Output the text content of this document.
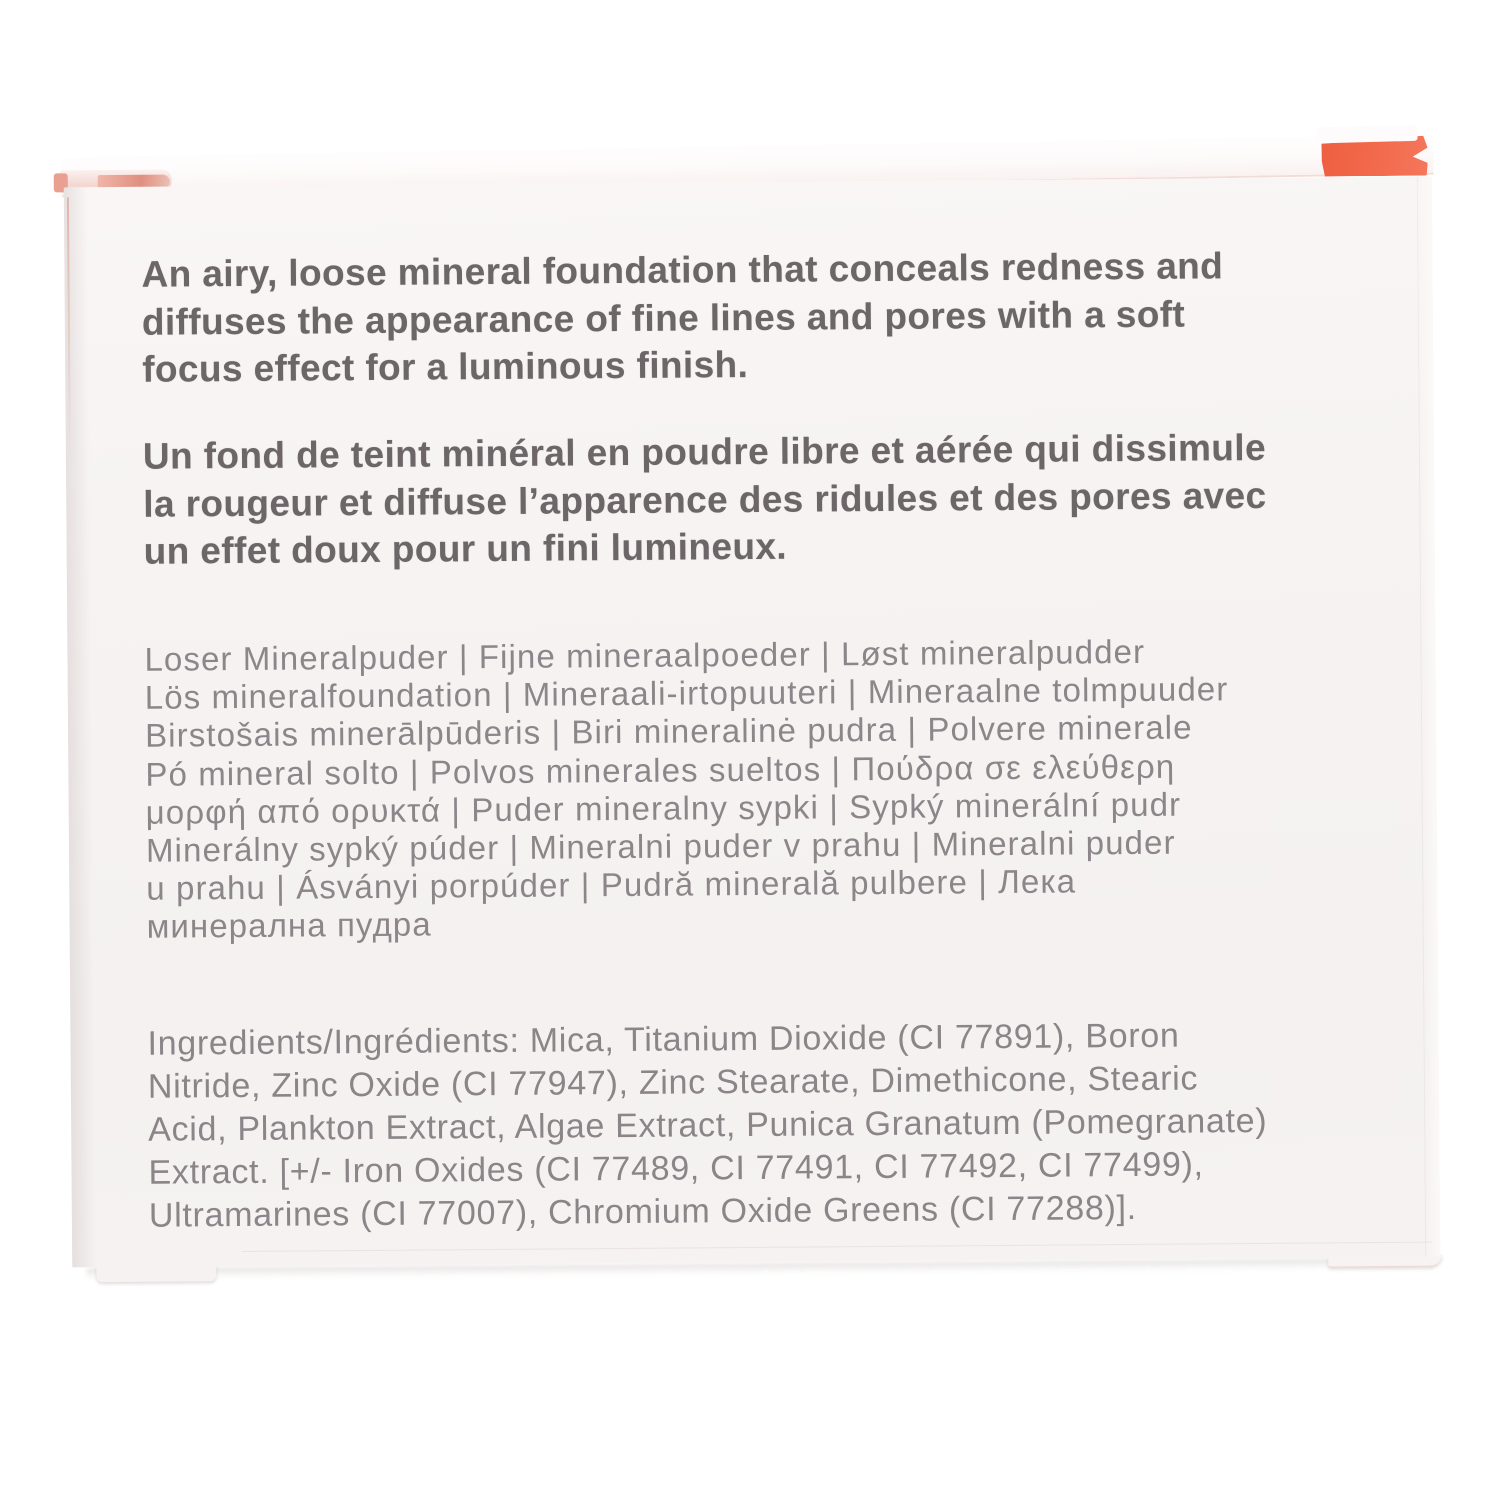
An airy, loose mineral foundation that conceals redness and
diffuses the appearance of fine lines and pores with a soft
focus effect for a luminous finish.
Un fond de teint minéral en poudre libre et aérée qui dissimule
la rougeur et diffuse l’apparence des ridules et des pores avec
un effet doux pour un fini lumineux.
Loser Mineralpuder | Fijne mineraalpoeder | Løst mineralpudder
Lös mineralfoundation | Mineraali-irtopuuteri | Mineraalne tolmpuuder
Birstošais minerālpūderis | Biri mineralinė pudra | Polvere minerale
Pó mineral solto | Polvos minerales sueltos | Πούδρα σε ελεύθερη
μορφή από ορυκτά | Puder mineralny sypki | Sypký minerální pudr
Minerálny sypký púder | Mineralni puder v prahu | Mineralni puder
u prahu | Ásványi porpúder | Pudră minerală pulbere | Лека
минерална пудра
Ingredients/Ingrédients: Mica, Titanium Dioxide (CI 77891), Boron
Nitride, Zinc Oxide (CI 77947), Zinc Stearate, Dimethicone, Stearic
Acid, Plankton Extract, Algae Extract, Punica Granatum (Pomegranate)
Extract. [+/- Iron Oxides (CI 77489, CI 77491, CI 77492, CI 77499),
Ultramarines (CI 77007), Chromium Oxide Greens (CI 77288)].
